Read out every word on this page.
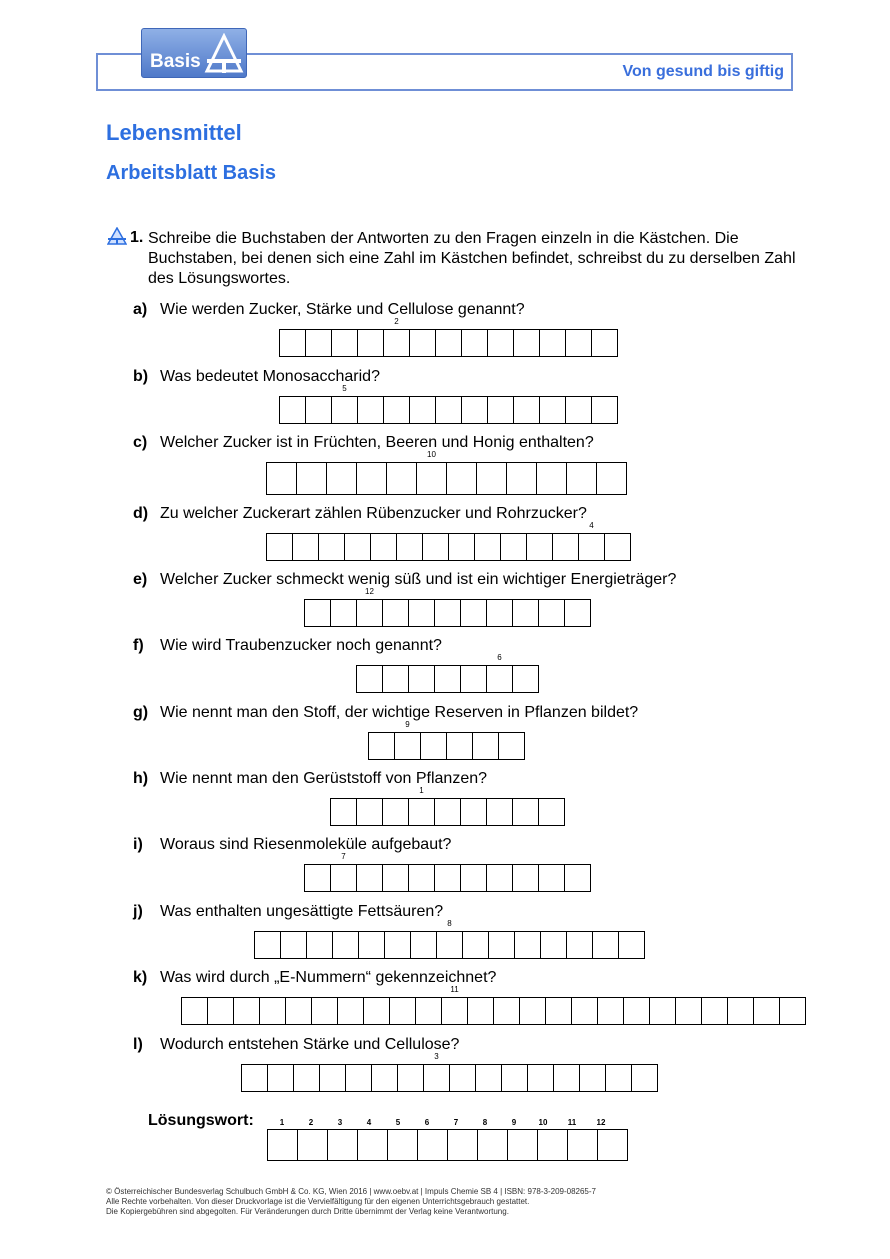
Basis	Von gesund bis giftig
Lebensmittel
Arbeitsblatt Basis
1. Schreibe die Buchstaben der Antworten zu den Fragen einzeln in die Kästchen. Die Buchstaben, bei denen sich eine Zahl im Kästchen befindet, schreibst du zu derselben Zahl des Lösungswortes.

a) Wie werden Zucker, Stärke und Cellulose genannt?
2
b) Was bedeutet Monosaccharid?
5
c) Welcher Zucker ist in Früchten, Beeren und Honig enthalten?
10
d) Zu welcher Zuckerart zählen Rübenzucker und Rohrzucker?
4
e) Welcher Zucker schmeckt wenig süß und ist ein wichtiger Energieträger?
12
f)	Wie wird Traubenzucker noch genannt?
6
g) Wie nennt man den Stoff, der wichtige Reserven in Pflanzen bildet?
9
h) Wie nennt man den Gerüststoff von Pflanzen?
1
i)	Woraus sind Riesenmoleküle aufgebaut?
7
j)	Was enthalten ungesättigte Fettsäuren?
8
k) Was wird durch „E-Nummern“ gekennzeichnet?
11
l)	Wodurch entstehen Stärke und Cellulose?
3
Lösungswort:	1	2	3	4	5	6	7	8	9	10	11	12
© Österreichischer Bundesverlag Schulbuch GmbH & Co. KG, Wien 2016 | www.oebv.at | Impuls Chemie SB 4 | ISBN: 978-3-209-08265-7
Alle Rechte vorbehalten. Von dieser Druckvorlage ist die Vervielfältigung für den eigenen Unterrichtsgebrauch gestattet.
Die Kopiergebühren sind abgegolten. Für Veränderungen durch Dritte übernimmt der Verlag keine Verantwortung.
